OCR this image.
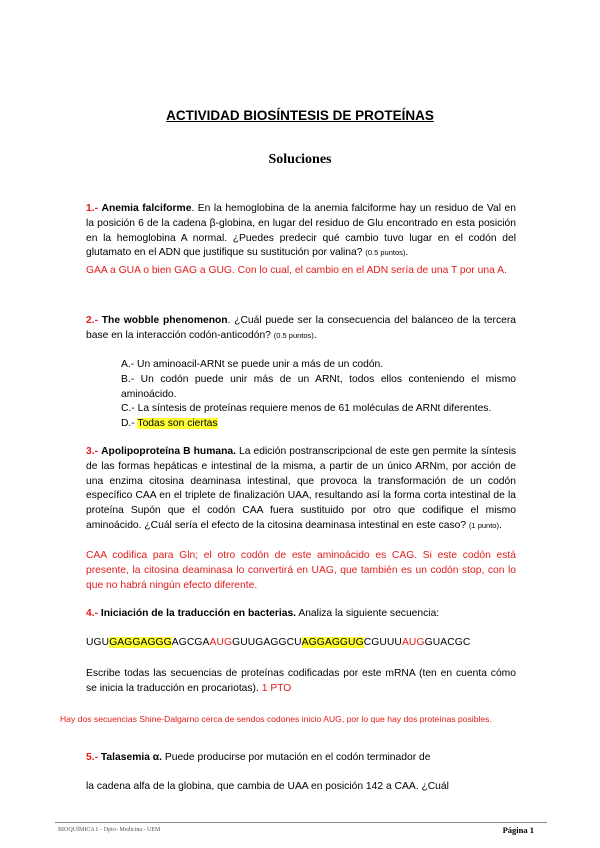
ACTIVIDAD BIOSÍNTESIS DE PROTEÍNAS
Soluciones
1.- Anemia falciforme. En la hemoglobina de la anemia falciforme hay un residuo de Val en la posición 6 de la cadena β-globina, en lugar del residuo de Glu encontrado en esta posición en la hemoglobina A normal. ¿Puedes predecir qué cambio tuvo lugar en el codón del glutamato en el ADN que justifique su sustitución por valina? (0.5 puntos).
GAA a GUA o bien GAG a GUG. Con lo cual, el cambio en el ADN sería de una T por una A.
2.- The wobble phenomenon. ¿Cuál puede ser la consecuencia del balanceo de la tercera base en la interacción codón-anticodón? (0.5 puntos).
A.- Un aminoacil-ARNt se puede unir a más de un codón.
B.- Un codón puede unir más de un ARNt, todos ellos conteniendo el mismo aminoácido.
C.- La síntesis de proteínas requiere menos de 61 moléculas de ARNt diferentes.
D.- Todas son ciertas
3.- Apolipoproteína B humana. La edición postranscripcional de este gen permite la síntesis de las formas hepáticas e intestinal de la misma, a partir de un único ARNm, por acción de una enzima citosina deaminasa intestinal, que provoca la transformación de un codón específico CAA en el triplete de finalización UAA, resultando así la forma corta intestinal de la proteína Supón que el codón CAA fuera sustituido por otro que codifique el mismo aminoácido. ¿Cuál sería el efecto de la citosina deaminasa intestinal en este caso? (1 punto).
CAA codifica para Gln; el otro codón de este aminoácido es CAG. Si este codón está presente, la citosina deaminasa lo convertirá en UAG, que también es un codón stop, con lo que no habrá ningún efecto diferente.
4.- Iniciación de la traducción en bacterias. Analiza la siguiente secuencia:
UGUGAGGAGGGAGCGAAUGGUUGAGGCUAGGAGGUGCGUUUAUGGUACGC
Escribe todas las secuencias de proteínas codificadas por este mRNA (ten en cuenta cómo se inicia la traducción en procariotas). 1 PTO
Hay dos secuencias Shine-Dalgarno cerca de sendos codones inicio AUG, por lo que hay dos proteínas posibles.
5.- Talasemia α. Puede producirse por mutación en el codón terminador de
la cadena alfa de la globina, que cambia de UAA en posición 142 a CAA. ¿Cuál
BIOQUÍMICA I – Dpto- Medicina - UEM	Página 1
